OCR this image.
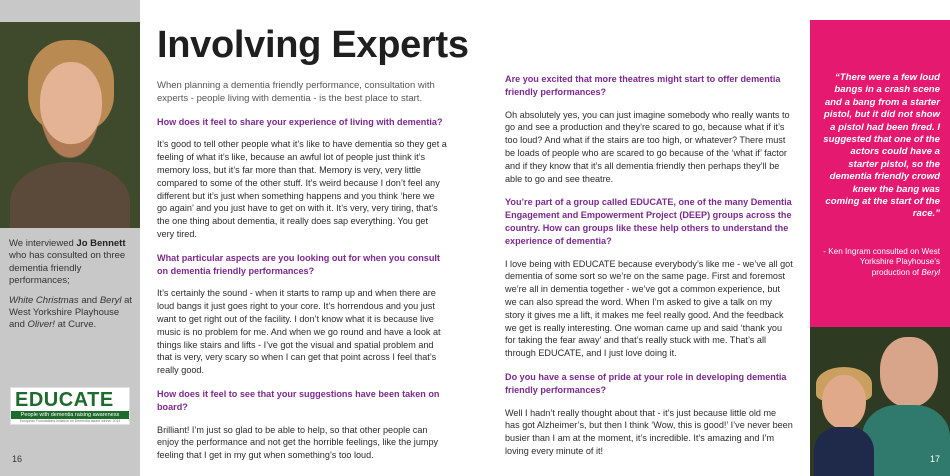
We interviewed Jo Bennett who has consulted on three dementia friendly performances;

White Christmas and Beryl at West Yorkshire Playhouse and Oliver! at Curve.

EDUCATE
People with dementia raising awareness
European Foundations Initiative on Dementia award winner 2014
16
Involving Experts

When planning a dementia friendly performance, consultation with experts - people living with dementia - is the best place to start.

How does it feel to share your experience of living with dementia?

It’s good to tell other people what it’s like to have dementia so they get a feeling of what it’s like, because an awful lot of people just think it’s memory loss, but it’s far more than that. Memory is very, very little compared to some of the other stuff. It’s weird because I don’t feel any different but it’s just when something happens and you think ‘here we go again’ and you just have to get on with it. It’s very, very tiring, that’s the one thing about dementia, it really does sap everything. You get very tired.

What particular aspects are you looking out for when you consult on dementia friendly performances?

It’s certainly the sound - when it starts to ramp up and when there are loud bangs it just goes right to your core. It’s horrendous and you just want to get right out of the facility. I don’t know what it is because live music is no problem for me. And when we go round and have a look at things like stairs and lifts - I’ve got the visual and spatial problem and that is very, very scary so when I can get that point across I feel that’s really good.

How does it feel to see that your suggestions have been taken on board?

Brilliant! I’m just so glad to be able to help, so that other people can enjoy the performance and not get the horrible feelings, like the jumpy feeling that I get in my gut when something’s too loud.

Are you excited that more theatres might start to offer dementia friendly performances?

Oh absolutely yes, you can just imagine somebody who really wants to go and see a production and they’re scared to go, because what if it’s too loud? And what if the stairs are too high, or whatever? There must be loads of people who are scared to go because of the ‘what if’ factor and if they know that it’s all dementia friendly then perhaps they’ll be able to go and see theatre.

You’re part of a group called EDUCATE, one of the many Dementia Engagement and Empowerment Project (DEEP) groups across the country. How can groups like these help others to understand the experience of dementia?

I love being with EDUCATE because everybody’s like me - we’ve all got dementia of some sort so we’re on the same page. First and foremost we’re all in dementia together - we’ve got a common experience, but we can also spread the word. When I’m asked to give a talk on my story it gives me a lift, it makes me feel really good. And the feedback we get is really interesting. One woman came up and said ‘thank you for taking the fear away’ and that’s really stuck with me. That’s all through EDUCATE, and I just love doing it.

Do you have a sense of pride at your role in developing dementia friendly performances?

Well I hadn’t really thought about that - it’s just because little old me has got Alzheimer’s, but then I think ‘Wow, this is good!’ I’ve never been busier than I am at the moment, it’s incredible. It’s amazing and I’m loving every minute of it!

“There were a few loud bangs in a crash scene and a bang from a starter pistol, but it did not show a pistol had been fired. I suggested that one of the actors could have a starter pistol, so the dementia friendly crowd knew the bang was coming at the start of the race.”

- Ken Ingram consulted on West Yorkshire Playhouse’s production of Beryl

17
